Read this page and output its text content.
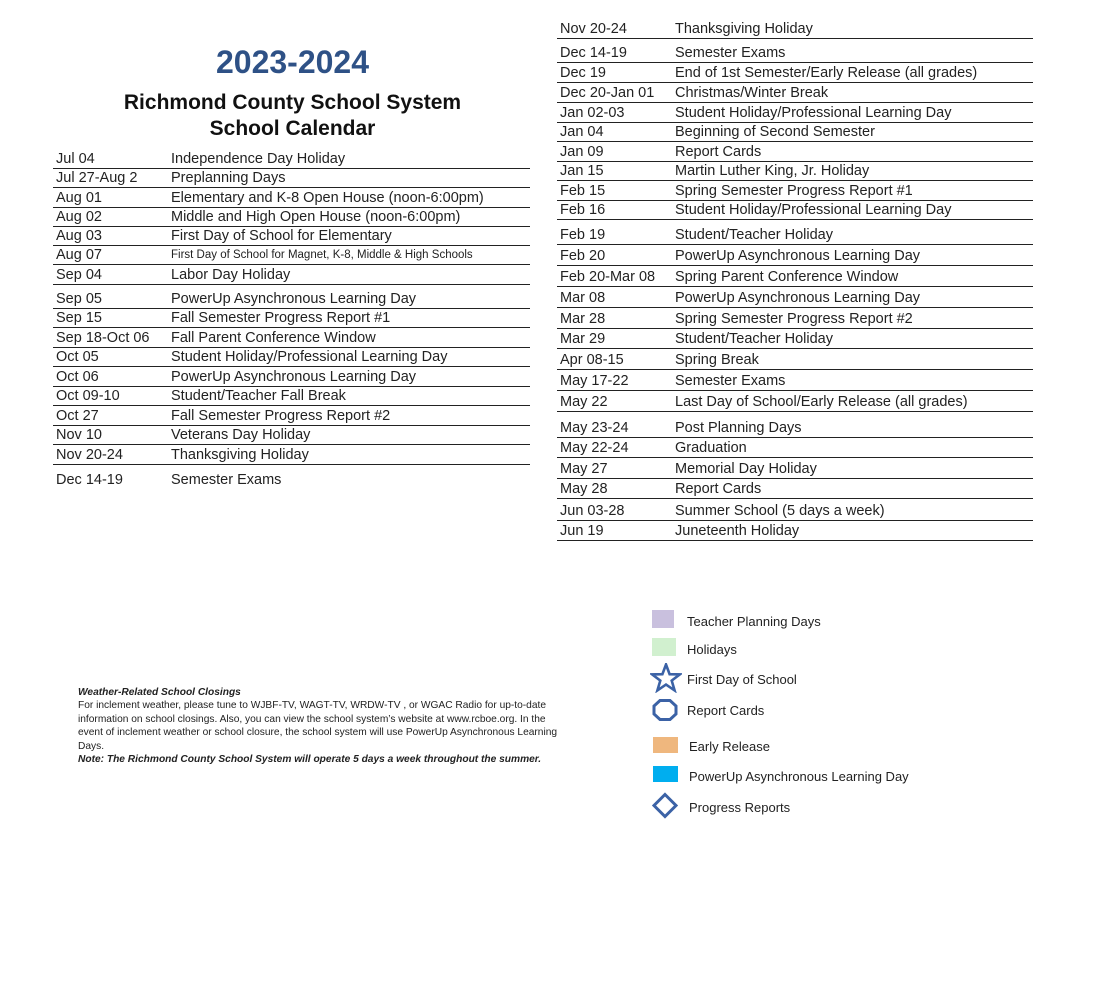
2023-2024
Richmond County School System
School Calendar
Jul 04	Independence Day Holiday
Jul 27-Aug 2	Preplanning Days
Aug 01	Elementary and K-8 Open House (noon-6:00pm)
Aug 02	Middle and High Open House (noon-6:00pm)
Aug 03	First Day of School for Elementary
Aug 07	First Day of School for Magnet, K-8, Middle & High Schools
Sep 04	Labor Day Holiday
Sep 05	PowerUp Asynchronous Learning Day
Sep 15	Fall Semester Progress Report #1
Sep 18-Oct 06	Fall Parent Conference Window
Oct 05	Student Holiday/Professional Learning Day
Oct 06	PowerUp Asynchronous Learning Day
Oct 09-10	Student/Teacher Fall Break
Oct 27	Fall Semester Progress Report #2
Nov 10	Veterans Day Holiday
Nov 20-24	Thanksgiving Holiday
Dec 14-19	Semester Exams
Nov 20-24	Thanksgiving Holiday
Dec 14-19	Semester Exams
Dec 19	End of 1st Semester/Early Release (all grades)
Dec 20-Jan 01	Christmas/Winter Break
Jan 02-03	Student Holiday/Professional Learning Day
Jan 04	Beginning of Second Semester
Jan 09	Report Cards
Jan 15	Martin Luther King, Jr. Holiday
Feb 15	Spring Semester Progress Report #1
Feb 16	Student Holiday/Professional Learning Day
Feb 19	Student/Teacher Holiday
Feb 20	PowerUp Asynchronous Learning Day
Feb 20-Mar 08	Spring Parent Conference Window
Mar 08	PowerUp Asynchronous Learning Day
Mar 28	Spring Semester Progress Report #2
Mar 29	Student/Teacher Holiday
Apr 08-15	Spring Break
May 17-22	Semester Exams
May 22	Last Day of School/Early Release (all grades)
May 23-24	Post Planning Days
May 22-24	Graduation
May 27	Memorial Day Holiday
May 28	Report Cards
Jun 03-28	Summer School (5 days a week)
Jun 19	Juneteenth Holiday
Weather-Related School Closings
For inclement weather, please tune to WJBF-TV, WAGT-TV, WRDW-TV , or WGAC Radio for up-to-date information on school closings. Also, you can view the school system’s website at www.rcboe.org. In the event of inclement weather or school closure, the school system will use PowerUp Asynchronous Learning Days.
Note: The Richmond County School System will operate 5 days a week throughout the summer.
Teacher Planning Days
Holidays
First Day of School
Report Cards
Early Release
PowerUp Asynchronous Learning Day
Progress Reports
